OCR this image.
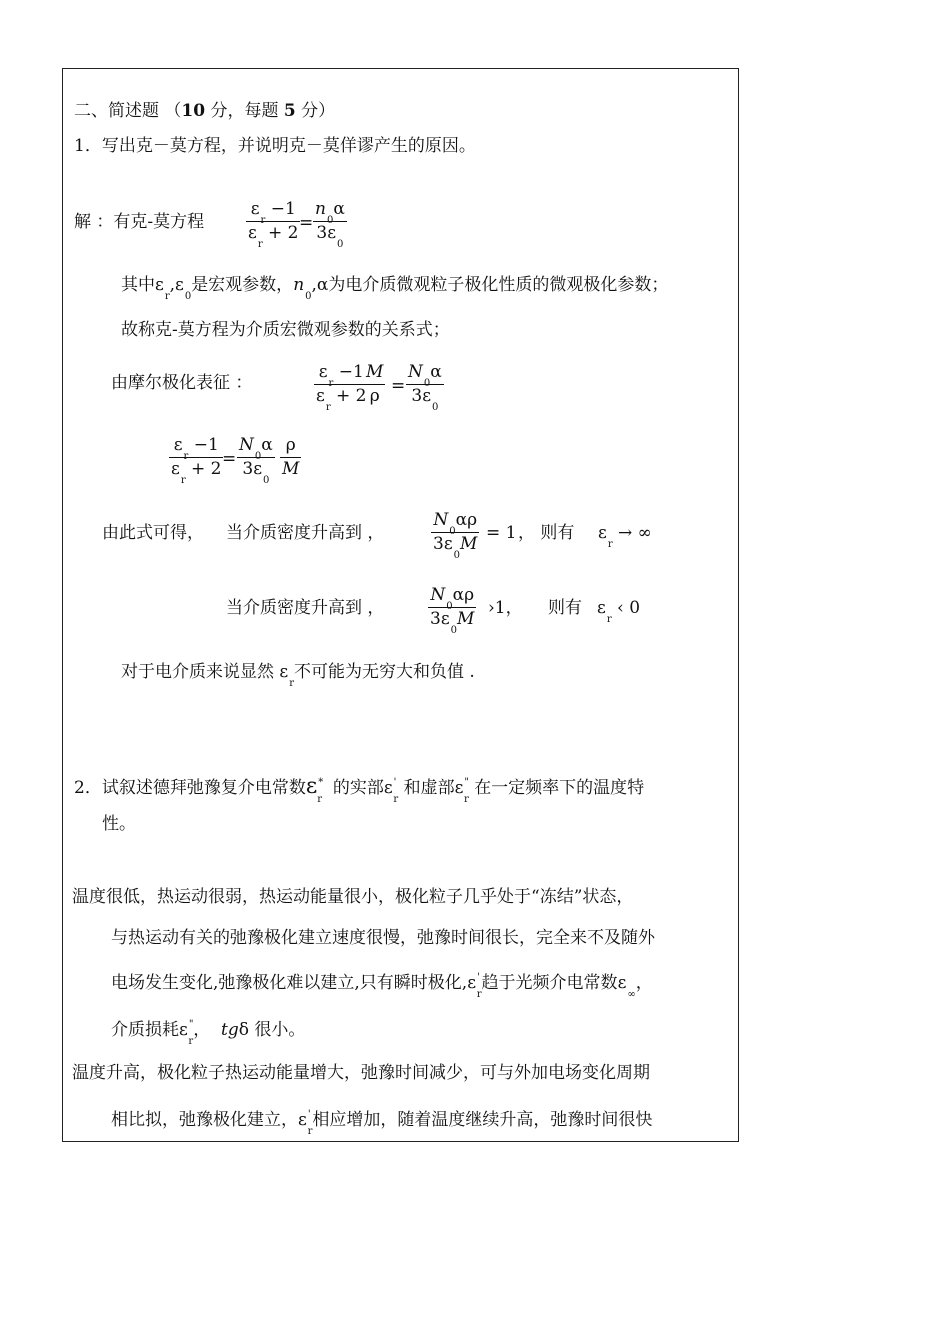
二、简述题 （10 分，每题 5 分）
1．写出克－莫方程，并说明克－莫佯谬产生的原因。
解 ：有克-莫方程
$\varepsilon_r -1$
$\varepsilon_r + 2$ =
$n_0\alpha$
$3\varepsilon_0$
其中$\varepsilon_r,\varepsilon_0$是宏观参数，$n_0,\alpha$为电介质微观粒子极化性质的微观极化参数；
故称克-莫方程为介质宏微观参数的关系式；
由摩尔极化表征 ：
$\varepsilon_r -1$
$\varepsilon_r + 2$
M
ρ =
$N_0\alpha$
$3\varepsilon_0$
$\varepsilon_r -1$
$\varepsilon_r + 2$ =
$N_0\alpha$
$3\varepsilon_0$
ρ
M
由此式可得， 当介质密度升高到 ，
$N_0\alpha\rho$
$3\varepsilon_0M$
= 1 ， 则有 $\varepsilon_r$ → ∞
当介质密度升高到 ，
$N_0\alpha\rho$
$3\varepsilon_0M$
›1， 则有 $\varepsilon_r$ ‹ 0
对于电介质来说显然 $\varepsilon_r$不可能为无穷大和负值 .
2．试叙述德拜弛豫复介电常数$\varepsilon^*_r$  的实部$\varepsilon'_r$ 和虚部$\varepsilon^"_r$ 在一定频率下的温度特
性。
温度很低，热运动很弱，热运动能量很小，极化粒子几乎处于“冻结”状态，
与热运动有关的弛豫极化建立速度很慢，弛豫时间很长，完全来不及随外
电场发生变化,弛豫极化难以建立,只有瞬时极化$,\varepsilon'_r$趋于光频介电常数$\varepsilon_\infty$，
介质损耗$\varepsilon^"_r$， tgδ 很小。
温度升高，极化粒子热运动能量增大，弛豫时间减少，可与外加电场变化周期
相比拟，弛豫极化建立，$\varepsilon'_r$相应增加，随着温度继续升高，弛豫时间很快
